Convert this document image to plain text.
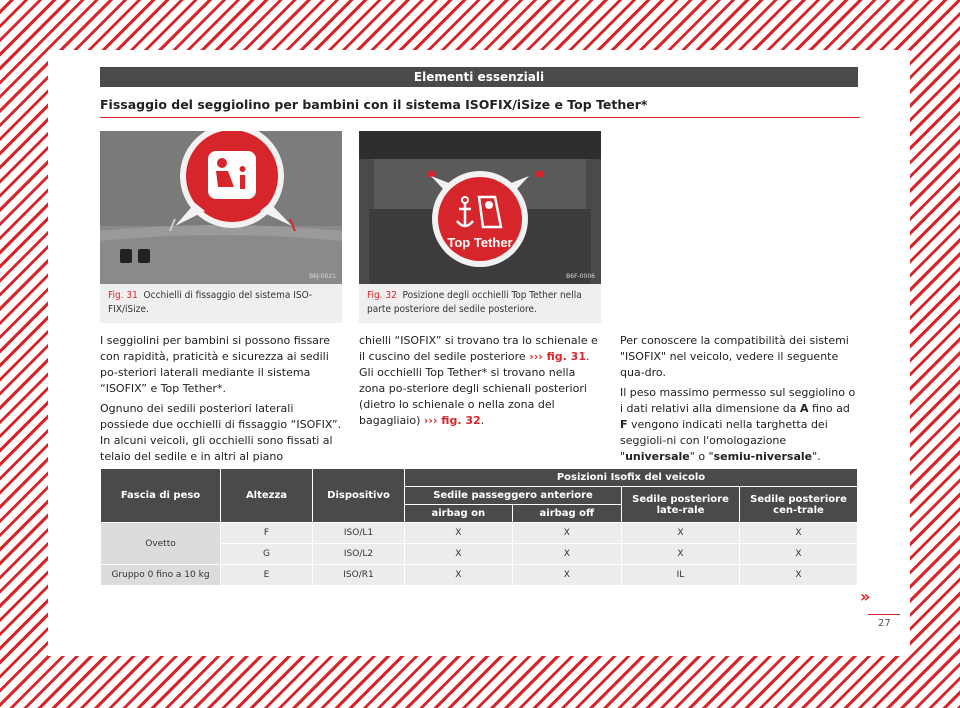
Elementi essenziali
Fissaggio del seggiolino per bambini con il sistema ISOFIX/iSize e Top Tether*
B6J-0021
Fig. 31 Occhielli di fissaggio del sistema ISO-FIX/iSize.
Top Tether
B6F-0006
Fig. 32 Posizione degli occhielli Top Tether nella parte posteriore del sedile posteriore.

I seggiolini per bambini si possono fissare con rapidità, praticità e sicurezza ai sedili po-steriori laterali mediante il sistema “ISOFIX” e Top Tether*.

Ognuno dei sedili posteriori laterali possiede due occhielli di fissaggio “ISOFIX”. In alcuni veicoli, gli occhielli sono fissati al telaio del sedile e in altri al piano

chielli “ISOFIX” si trovano tra lo schienale e il cuscino del sedile posteriore ››› fig. 31. Gli occhielli Top Tether* si trovano nella zona po-steriore degli schienali posteriori (dietro lo schienale o nella zona del bagagliaio) ››› fig. 32.

Per conoscere la compatibilità dei sistemi "ISOFIX" nel veicolo, vedere il seguente qua-dro.

Il peso massimo permesso sul seggiolino o i dati relativi alla dimensione da A fino ad F vengono indicati nella targhetta dei seggioli-ni con l'omologazione "universale" o "semiu-niversale".

Fascia di peso	Altezza	Dispositivo	Posizioni Isofix del veicolo			
			Sedile passeggero anteriore		Sedile posteriore late-rale	Sedile posteriore cen-trale
			airbag on	airbag off		
Ovetto	F	ISO/L1	X	X	X	X
	G	ISO/L2	X	X	X	X
Gruppo 0 fino a 10 kg	E	ISO/R1	X	X	IL	X
»
27
